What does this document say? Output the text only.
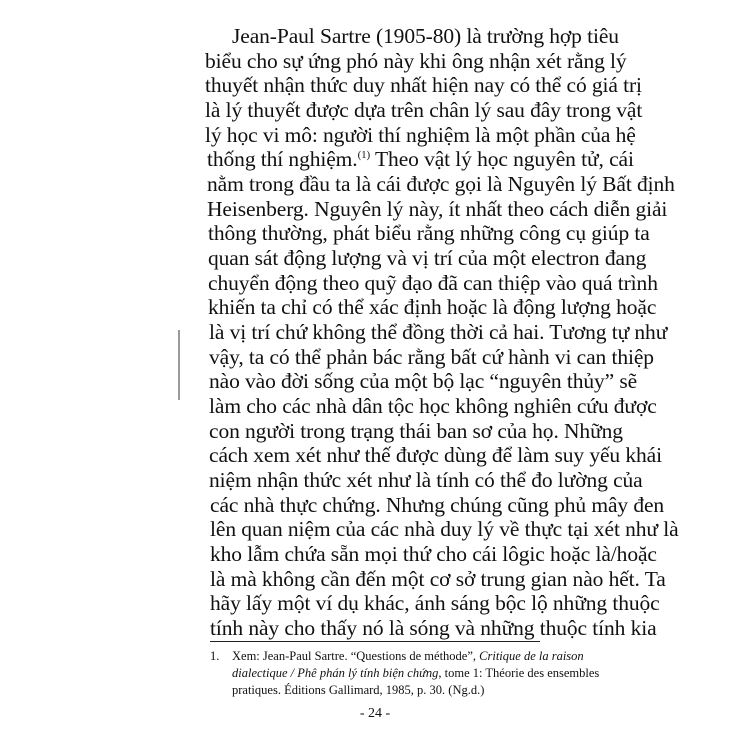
Jean-Paul Sartre (1905-80) là trường hợp tiêu
biểu cho sự ứng phó này khi ông nhận xét rằng lý
thuyết nhận thức duy nhất hiện nay có thể có giá trị
là lý thuyết được dựa trên chân lý sau đây trong vật
lý học vi mô: người thí nghiệm là một phần của hệ
thống thí nghiệm.$^{(1)}$ Theo vật lý học nguyên tử, cái
nằm trong đầu ta là cái được gọi là Nguyên lý Bất định
Heisenberg. Nguyên lý này, ít nhất theo cách diễn giải
thông thường, phát biểu rằng những công cụ giúp ta
quan sát động lượng và vị trí của một electron đang
chuyển động theo quỹ đạo đã can thiệp vào quá trình
khiến ta chỉ có thể xác định hoặc là động lượng hoặc
là vị trí chứ không thể đồng thời cả hai. Tương tự như
vậy, ta có thể phản bác rằng bất cứ hành vi can thiệp
nào vào đời sống của một bộ lạc “nguyên thủy” sẽ
làm cho các nhà dân tộc học không nghiên cứu được
con người trong trạng thái ban sơ của họ. Những
cách xem xét như thế được dùng để làm suy yếu khái
niệm nhận thức xét như là tính có thể đo lường của
các nhà thực chứng. Nhưng chúng cũng phủ mây đen
lên quan niệm của các nhà duy lý về thực tại xét như là
kho lẫm chứa sẵn mọi thứ cho cái lôgic hoặc là/hoặc
là mà không cần đến một cơ sở trung gian nào hết. Ta
hãy lấy một ví dụ khác, ánh sáng bộc lộ những thuộc
tính này cho thấy nó là sóng và những thuộc tính kia
1. Xem: Jean-Paul Sartre. “Questions de méthode”, Critique de la raison
dialectique / Phê phán lý tính biện chứng, tome 1: Théorie des ensembles
pratiques. Éditions Gallimard, 1985, p. 30. (Ng.d.)
- 24 -
